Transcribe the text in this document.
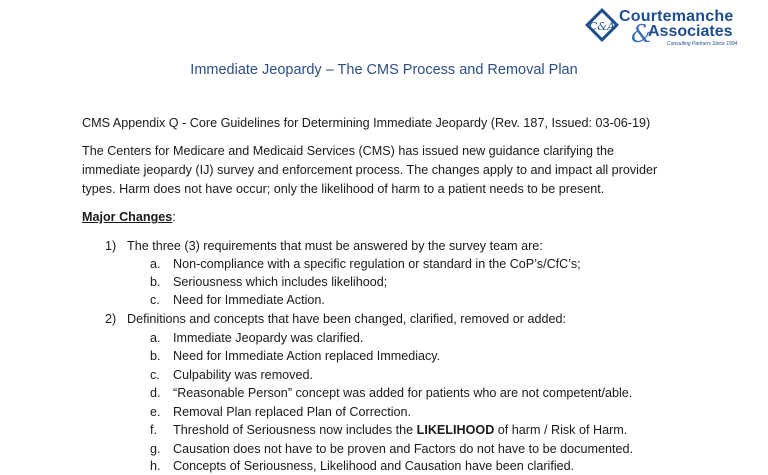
C&A
Courtemanche
&
Associates
Consulting Partners Since 1994
Immediate Jeopardy – The CMS Process and Removal Plan
CMS Appendix Q - Core Guidelines for Determining Immediate Jeopardy (Rev. 187, Issued: 03-06-19)
The Centers for Medicare and Medicaid Services (CMS) has issued new guidance clarifying the
immediate jeopardy (IJ) survey and enforcement process. The changes apply to and impact all provider
types. Harm does not have occur; only the likelihood of harm to a patient needs to be present.
Major Changes:
1) The three (3) requirements that must be answered by the survey team are:
a. Non-compliance with a specific regulation or standard in the CoP’s/CfC’s;
b. Seriousness which includes likelihood;
c. Need for Immediate Action.
2) Definitions and concepts that have been changed, clarified, removed or added:
a. Immediate Jeopardy was clarified.
b. Need for Immediate Action replaced Immediacy.
c. Culpability was removed.
d. “Reasonable Person” concept was added for patients who are not competent/able.
e. Removal Plan replaced Plan of Correction.
f. Threshold of Seriousness now includes the LIKELIHOOD of harm / Risk of Harm.
g. Causation does not have to be proven and Factors do not have to be documented.
h. Concepts of Seriousness, Likelihood and Causation have been clarified.
